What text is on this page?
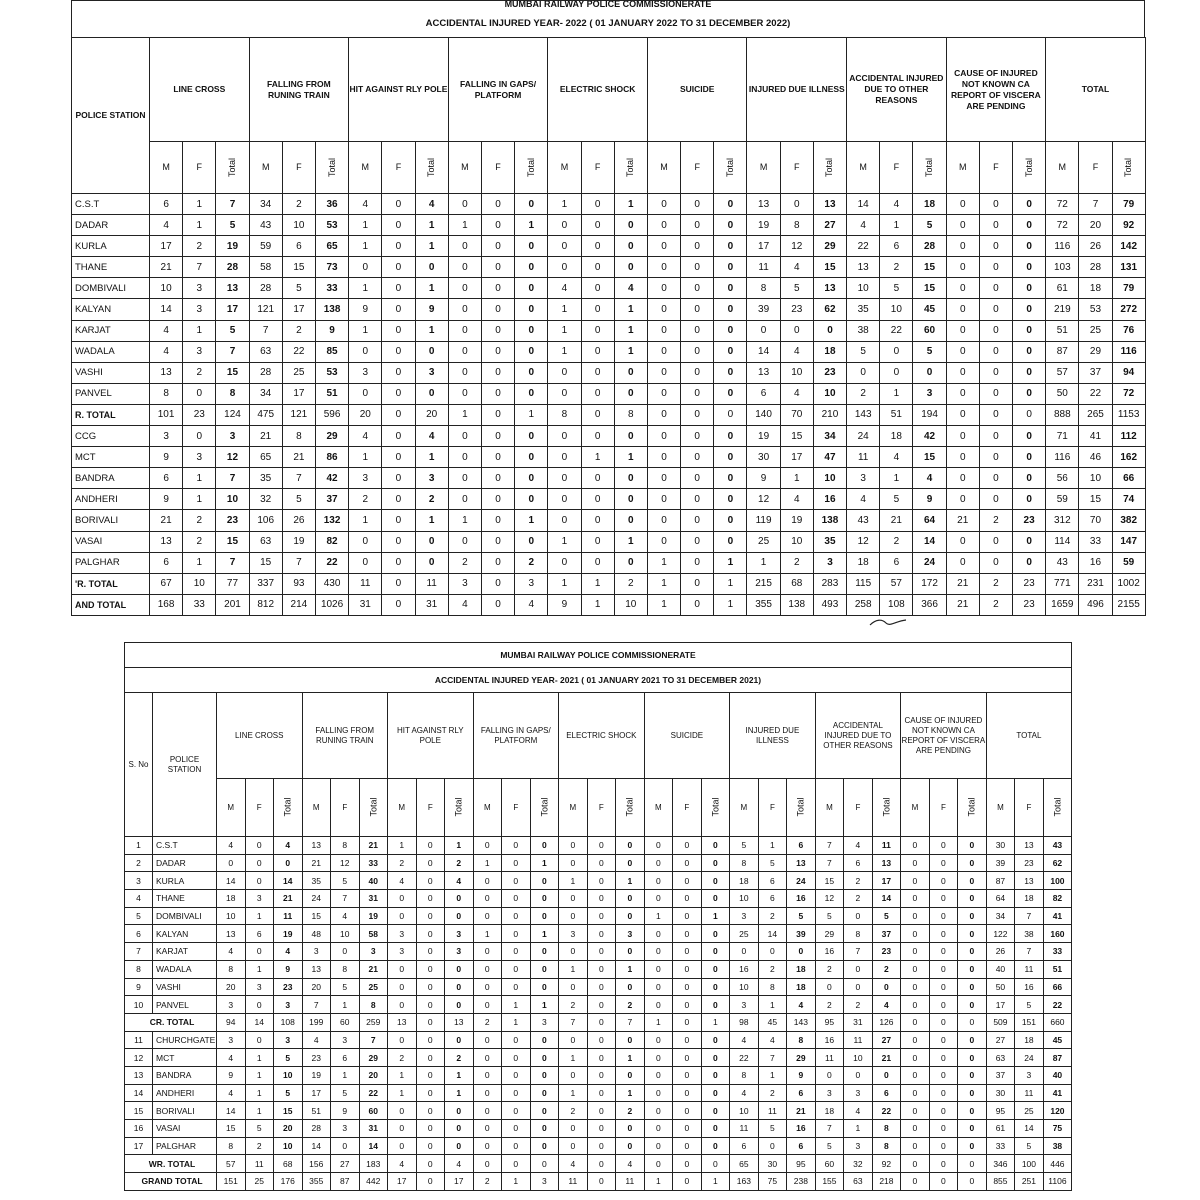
MUMBAI RAILWAY POLICE COMMISSIONERATE
ACCIDENTAL INJURED YEAR- 2022 ( 01 JANUARY 2022 TO 31 DECEMBER 2022)
POLICE STATION	LINE CROSS			FALLING FROM RUNING TRAIN			HIT AGAINST RLY POLE			FALLING IN GAPS/ PLATFORM			ELECTRIC SHOCK			SUICIDE			INJURED DUE ILLNESS			ACCIDENTAL INJURED DUE TO OTHER REASONS			CAUSE OF INJURED NOT KNOWN CA REPORT OF VISCERA ARE PENDING			TOTAL		
	M	F	Total	M	F	Total	M	F	Total	M	F	Total	M	F	Total	M	F	Total	M	F	Total	M	F	Total	M	F	Total	M	F	Total
C.S.T	6	1	7	34	2	36	4	0	4	0	0	0	1	0	1	0	0	0	13	0	13	14	4	18	0	0	0	72	7	79
DADAR	4	1	5	43	10	53	1	0	1	1	0	1	0	0	0	0	0	0	19	8	27	4	1	5	0	0	0	72	20	92
KURLA	17	2	19	59	6	65	1	0	1	0	0	0	0	0	0	0	0	0	17	12	29	22	6	28	0	0	0	116	26	142
THANE	21	7	28	58	15	73	0	0	0	0	0	0	0	0	0	0	0	0	11	4	15	13	2	15	0	0	0	103	28	131
DOMBIVALI	10	3	13	28	5	33	1	0	1	0	0	0	4	0	4	0	0	0	8	5	13	10	5	15	0	0	0	61	18	79
KALYAN	14	3	17	121	17	138	9	0	9	0	0	0	1	0	1	0	0	0	39	23	62	35	10	45	0	0	0	219	53	272
KARJAT	4	1	5	7	2	9	1	0	1	0	0	0	1	0	1	0	0	0	0	0	0	38	22	60	0	0	0	51	25	76
WADALA	4	3	7	63	22	85	0	0	0	0	0	0	1	0	1	0	0	0	14	4	18	5	0	5	0	0	0	87	29	116
VASHI	13	2	15	28	25	53	3	0	3	0	0	0	0	0	0	0	0	0	13	10	23	0	0	0	0	0	0	57	37	94
PANVEL	8	0	8	34	17	51	0	0	0	0	0	0	0	0	0	0	0	0	6	4	10	2	1	3	0	0	0	50	22	72
R. TOTAL	101	23	124	475	121	596	20	0	20	1	0	1	8	0	8	0	0	0	140	70	210	143	51	194	0	0	0	888	265	1153
CCG	3	0	3	21	8	29	4	0	4	0	0	0	0	0	0	0	0	0	19	15	34	24	18	42	0	0	0	71	41	112
MCT	9	3	12	65	21	86	1	0	1	0	0	0	0	1	1	0	0	0	30	17	47	11	4	15	0	0	0	116	46	162
BANDRA	6	1	7	35	7	42	3	0	3	0	0	0	0	0	0	0	0	0	9	1	10	3	1	4	0	0	0	56	10	66
ANDHERI	9	1	10	32	5	37	2	0	2	0	0	0	0	0	0	0	0	0	12	4	16	4	5	9	0	0	0	59	15	74
BORIVALI	21	2	23	106	26	132	1	0	1	1	0	1	0	0	0	0	0	0	119	19	138	43	21	64	21	2	23	312	70	382
VASAI	13	2	15	63	19	82	0	0	0	0	0	0	1	0	1	0	0	0	25	10	35	12	2	14	0	0	0	114	33	147
PALGHAR	6	1	7	15	7	22	0	0	0	2	0	2	0	0	0	1	0	1	1	2	3	18	6	24	0	0	0	43	16	59
'R. TOTAL	67	10	77	337	93	430	11	0	11	3	0	3	1	1	2	1	0	1	215	68	283	115	57	172	21	2	23	771	231	1002
AND TOTAL	168	33	201	812	214	1026	31	0	31	4	0	4	9	1	10	1	0	1	355	138	493	258	108	366	21	2	23	1659	496	2155
MUMBAI RAILWAY POLICE COMMISSIONERATE
ACCIDENTAL INJURED YEAR- 2021 ( 01 JANUARY 2021 TO 31 DECEMBER 2021)
S. No	POLICE STATION	LINE CROSS			FALLING FROM RUNING TRAIN			HIT AGAINST RLY POLE			FALLING IN GAPS/ PLATFORM			ELECTRIC SHOCK			SUICIDE			INJURED DUE ILLNESS			ACCIDENTAL INJURED DUE TO OTHER REASONS			CAUSE OF INJURED NOT KNOWN CA REPORT OF VISCERA ARE PENDING			TOTAL		
		M	F	Total	M	F	Total	M	F	Total	M	F	Total	M	F	Total	M	F	Total	M	F	Total	M	F	Total	M	F	Total	M	F	Total
1	C.S.T	4	0	4	13	8	21	1	0	1	0	0	0	0	0	0	0	0	0	5	1	6	7	4	11	0	0	0	30	13	43
2	DADAR	0	0	0	21	12	33	2	0	2	1	0	1	0	0	0	0	0	0	8	5	13	7	6	13	0	0	0	39	23	62
3	KURLA	14	0	14	35	5	40	4	0	4	0	0	0	1	0	1	0	0	0	18	6	24	15	2	17	0	0	0	87	13	100
4	THANE	18	3	21	24	7	31	0	0	0	0	0	0	0	0	0	0	0	0	10	6	16	12	2	14	0	0	0	64	18	82
5	DOMBIVALI	10	1	11	15	4	19	0	0	0	0	0	0	0	0	0	1	0	1	3	2	5	5	0	5	0	0	0	34	7	41
6	KALYAN	13	6	19	48	10	58	3	0	3	1	0	1	3	0	3	0	0	0	25	14	39	29	8	37	0	0	0	122	38	160
7	KARJAT	4	0	4	3	0	3	3	0	3	0	0	0	0	0	0	0	0	0	0	0	0	16	7	23	0	0	0	26	7	33
8	WADALA	8	1	9	13	8	21	0	0	0	0	0	0	1	0	1	0	0	0	16	2	18	2	0	2	0	0	0	40	11	51
9	VASHI	20	3	23	20	5	25	0	0	0	0	0	0	0	0	0	0	0	0	10	8	18	0	0	0	0	0	0	50	16	66
10	PANVEL	3	0	3	7	1	8	0	0	0	0	1	1	2	0	2	0	0	0	3	1	4	2	2	4	0	0	0	17	5	22
CR. TOTAL		94	14	108	199	60	259	13	0	13	2	1	3	7	0	7	1	0	1	98	45	143	95	31	126	0	0	0	509	151	660
11	CHURCHGATE	3	0	3	4	3	7	0	0	0	0	0	0	0	0	0	0	0	0	4	4	8	16	11	27	0	0	0	27	18	45
12	MCT	4	1	5	23	6	29	2	0	2	0	0	0	1	0	1	0	0	0	22	7	29	11	10	21	0	0	0	63	24	87
13	BANDRA	9	1	10	19	1	20	1	0	1	0	0	0	0	0	0	0	0	0	8	1	9	0	0	0	0	0	0	37	3	40
14	ANDHERI	4	1	5	17	5	22	1	0	1	0	0	0	1	0	1	0	0	0	4	2	6	3	3	6	0	0	0	30	11	41
15	BORIVALI	14	1	15	51	9	60	0	0	0	0	0	0	2	0	2	0	0	0	10	11	21	18	4	22	0	0	0	95	25	120
16	VASAI	15	5	20	28	3	31	0	0	0	0	0	0	0	0	0	0	0	0	11	5	16	7	1	8	0	0	0	61	14	75
17	PALGHAR	8	2	10	14	0	14	0	0	0	0	0	0	0	0	0	0	0	0	6	0	6	5	3	8	0	0	0	33	5	38
WR. TOTAL		57	11	68	156	27	183	4	0	4	0	0	0	4	0	4	0	0	0	65	30	95	60	32	92	0	0	0	346	100	446
GRAND TOTAL		151	25	176	355	87	442	17	0	17	2	1	3	11	0	11	1	0	1	163	75	238	155	63	218	0	0	0	855	251	1106
